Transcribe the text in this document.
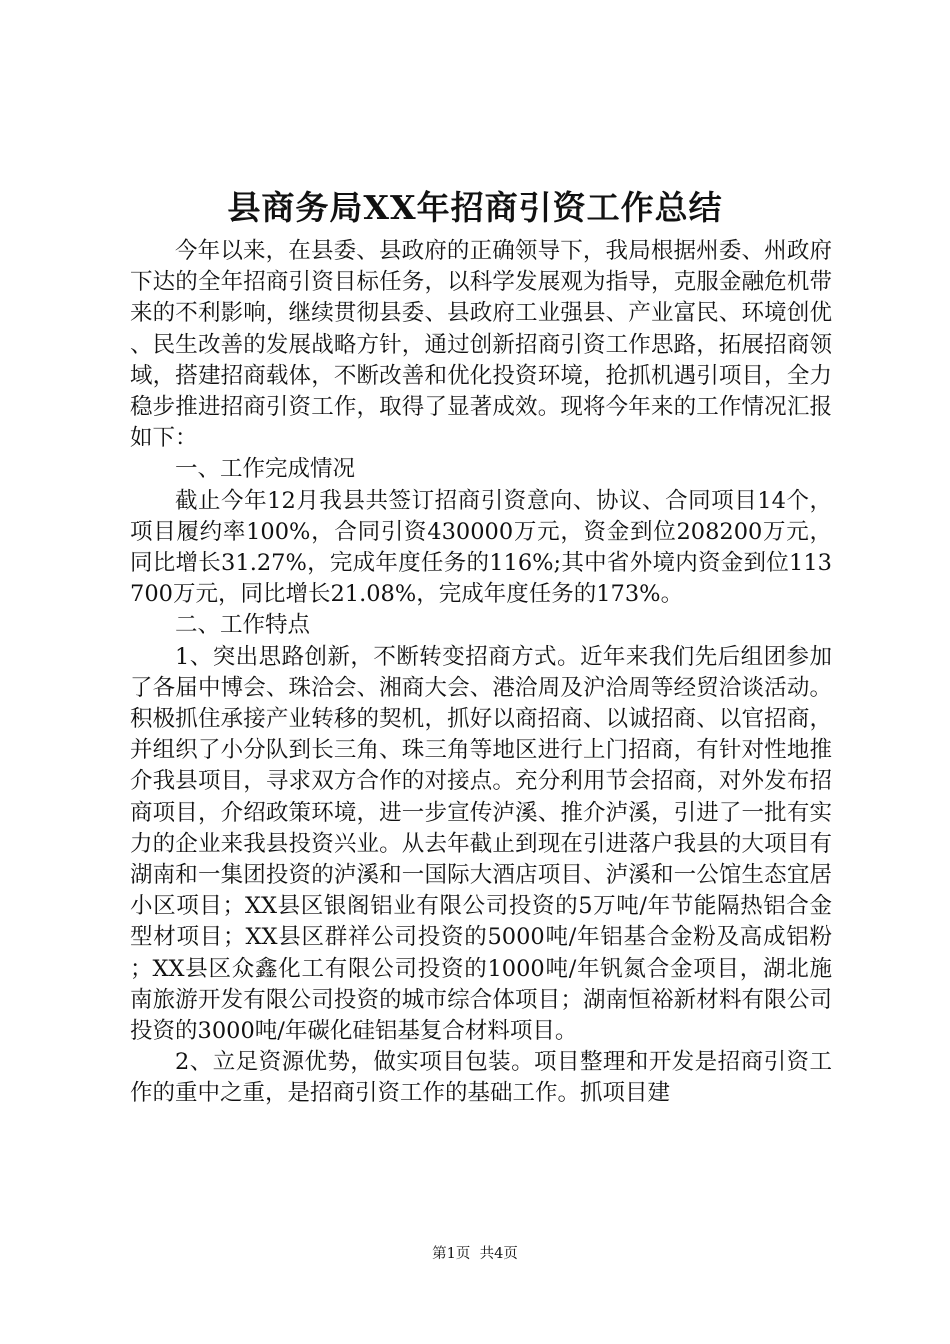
县商务局XX年招商引资工作总结

今年以来，在县委、县政府的正确领导下，我局根据州委、州政府下达的全年招商引资目标任务，以科学发展观为指导，克服金融危机带来的不利影响，继续贯彻县委、县政府工业强县、产业富民、环境创优、民生改善的发展战略方针，通过创新招商引资工作思路，拓展招商领域，搭建招商载体，不断改善和优化投资环境，抢抓机遇引项目，全力稳步推进招商引资工作，取得了显著成效。现将今年来的工作情况汇报如下：

一、工作完成情况

截止今年12月我县共签订招商引资意向、协议、合同项目14个，项目履约率100%，合同引资430000万元，资金到位208200万元，同比增长31.27%，完成年度任务的116%;其中省外境内资金到位113700万元，同比增长21.08%，完成年度任务的173%。

二、工作特点

1、突出思路创新，不断转变招商方式。近年来我们先后组团参加了各届中博会、珠洽会、湘商大会、港洽周及沪洽周等经贸洽谈活动。积极抓住承接产业转移的契机，抓好以商招商、以诚招商、以官招商，并组织了小分队到长三角、珠三角等地区进行上门招商，有针对性地推介我县项目，寻求双方合作的对接点。充分利用节会招商，对外发布招商项目，介绍政策环境，进一步宣传泸溪、推介泸溪，引进了一批有实力的企业来我县投资兴业。从去年截止到现在引进落户我县的大项目有湖南和一集团投资的泸溪和一国际大酒店项目、泸溪和一公馆生态宜居小区项目；XX县区银阁铝业有限公司投资的5万吨/年节能隔热铝合金型材项目；XX县区群祥公司投资的5000吨/年铝基合金粉及高成铝粉；XX县区众鑫化工有限公司投资的1000吨/年钒氮合金项目，湖北施南旅游开发有限公司投资的城市综合体项目；湖南恒裕新材料有限公司投资的3000吨/年碳化硅铝基复合材料项目。

2、立足资源优势，做实项目包装。项目整理和开发是招商引资工作的重中之重，是招商引资工作的基础工作。抓项目建

第1页 共4页
